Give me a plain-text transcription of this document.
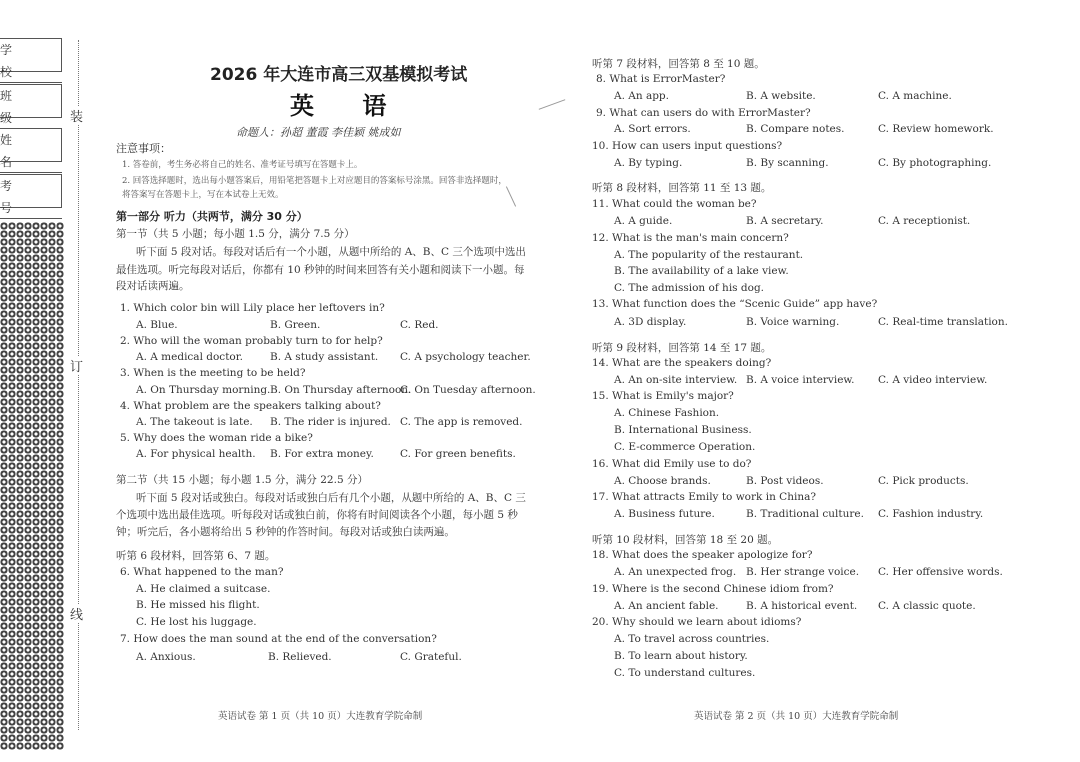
学 校
班 级
姓 名
考 号
装
订
线
2026 年大连市高三双基模拟考试
英 语
命题人：孙超 董霞 李佳颖 姚成如
注意事项：
1. 答卷前，考生务必将自己的姓名、准考证号填写在答题卡上。
2. 回答选择题时，选出每小题答案后，用铅笔把答题卡上对应题目的答案标号涂黑。回答非选择题时，
将答案写在答题卡上，写在本试卷上无效。
第一部分 听力（共两节，满分 30 分）
第一节（共 5 小题；每小题 1.5 分，满分 7.5 分）
听下面 5 段对话。每段对话后有一个小题，从题中所给的 A、B、C 三个选项中选出
最佳选项。听完每段对话后，你都有 10 秒钟的时间来回答有关小题和阅读下一小题。每
段对话读两遍。
1. Which color bin will Lily place her leftovers in?
A. Blue.	B. Green.	C. Red.
2. Who will the woman probably turn to for help?
A. A medical doctor.	B. A study assistant. C. A psychology teacher.
3. When is the meeting to be held?
A. On Thursday morning. B. On Thursday afternoon.
C. On Tuesday afternoon.
4. What problem are the speakers talking about?
A. The takeout is late. B. The rider is injured. C. The app is removed.
5. Why does the woman ride a bike?
A. For physical health. B. For extra money. C. For green benefits.
第二节（共 15 小题；每小题 1.5 分，满分 22.5 分）
听下面 5 段对话或独白。每段对话或独白后有几个小题，从题中所给的 A、B、C 三
个选项中选出最佳选项。听每段对话或独白前，你将有时间阅读各个小题，每小题 5 秒
钟；听完后，各小题将给出 5 秒钟的作答时间。每段对话或独白读两遍。
听第 6 段材料，回答第 6、7 题。
6. What happened to the man?
A. He claimed a suitcase.
B. He missed his flight.
C. He lost his luggage.
7. How does the man sound at the end of the conversation?
A. Anxious.	B. Relieved.	C. Grateful.
英语试卷 第 1 页（共 10 页）大连教育学院命制
听第 7 段材料，回答第 8 至 10 题。
8. What is ErrorMaster?
A. An app.	B. A website.	C. A machine.
9. What can users do with ErrorMaster?
A. Sort errors.	B. Compare notes.	C. Review homework.
10. How can users input questions?
A. By typing.	B. By scanning.	C. By photographing.
听第 8 段材料，回答第 11 至 13 题。
11. What could the woman be?
A. A guide.	B. A secretary.	C. A receptionist.
12. What is the man's main concern?
A. The popularity of the restaurant.
B. The availability of a lake view.
C. The admission of his dog.
13. What function does the “Scenic Guide” app have?
A. 3D display.	B. Voice warning.	C. Real-time translation.
听第 9 段材料，回答第 14 至 17 题。
14. What are the speakers doing?
A. An on-site interview. B. A voice interview. C. A video interview.
15. What is Emily's major?
A. Chinese Fashion.
B. International Business.
C. E-commerce Operation.
16. What did Emily use to do?
A. Choose brands.	B. Post videos.	C. Pick products.
17. What attracts Emily to work in China?
A. Business future.	B. Traditional culture. C. Fashion industry.
听第 10 段材料，回答第 18 至 20 题。
18. What does the speaker apologize for?
A. An unexpected frog. B. Her strange voice. C. Her offensive words.
19. Where is the second Chinese idiom from?
A. An ancient fable.	B. A historical event. C. A classic quote.
20. Why should we learn about idioms?
A. To travel across countries.
B. To learn about history.
C. To understand cultures.
英语试卷 第 2 页（共 10 页）大连教育学院命制
